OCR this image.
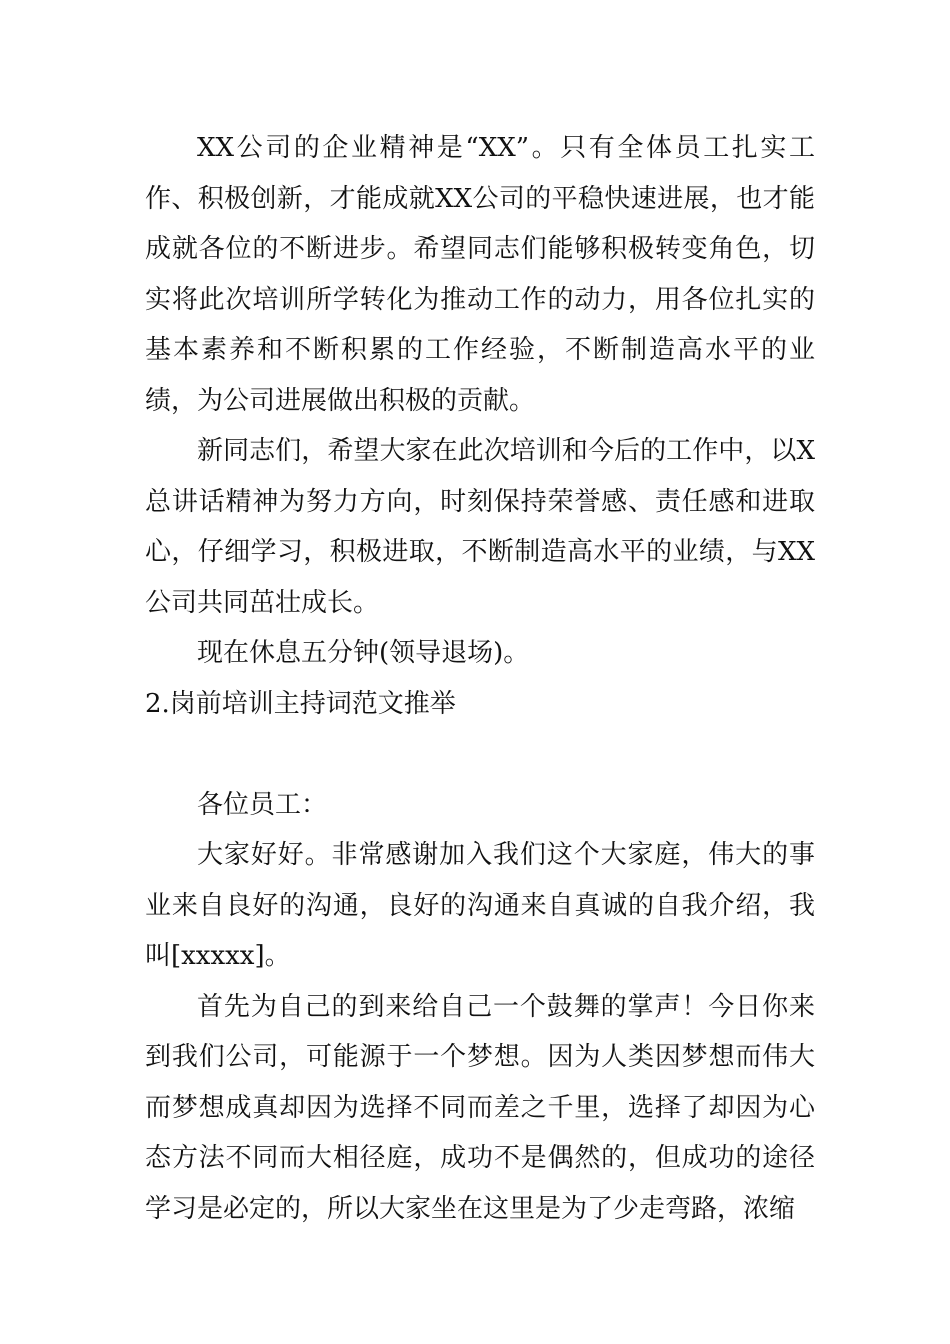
XX公司的企业精神是“XX”。只有全体员工扎实工作、积极创新，才能成就XX公司的平稳快速进展，也才能成就各位的不断进步。希望同志们能够积极转变角色，切实将此次培训所学转化为推动工作的动力，用各位扎实的基本素养和不断积累的工作经验，不断制造高水平的业绩，为公司进展做出积极的贡献。

新同志们，希望大家在此次培训和今后的工作中，以X总讲话精神为努力方向，时刻保持荣誉感、责任感和进取心，仔细学习，积极进取，不断制造高水平的业绩，与XX公司共同茁壮成长。

现在休息五分钟(领导退场)。

2.岗前培训主持词范文推举

各位员工：

大家好好。非常感谢加入我们这个大家庭，伟大的事业来自良好的沟通，良好的沟通来自真诚的自我介绍，我叫[xxxxx]。

首先为自己的到来给自己一个鼓舞的掌声！今日你来到我们公司，可能源于一个梦想。因为人类因梦想而伟大而梦想成真却因为选择不同而差之千里，选择了却因为心态方法不同而大相径庭，成功不是偶然的，但成功的途径学习是必定的，所以大家坐在这里是为了少走弯路，浓缩
